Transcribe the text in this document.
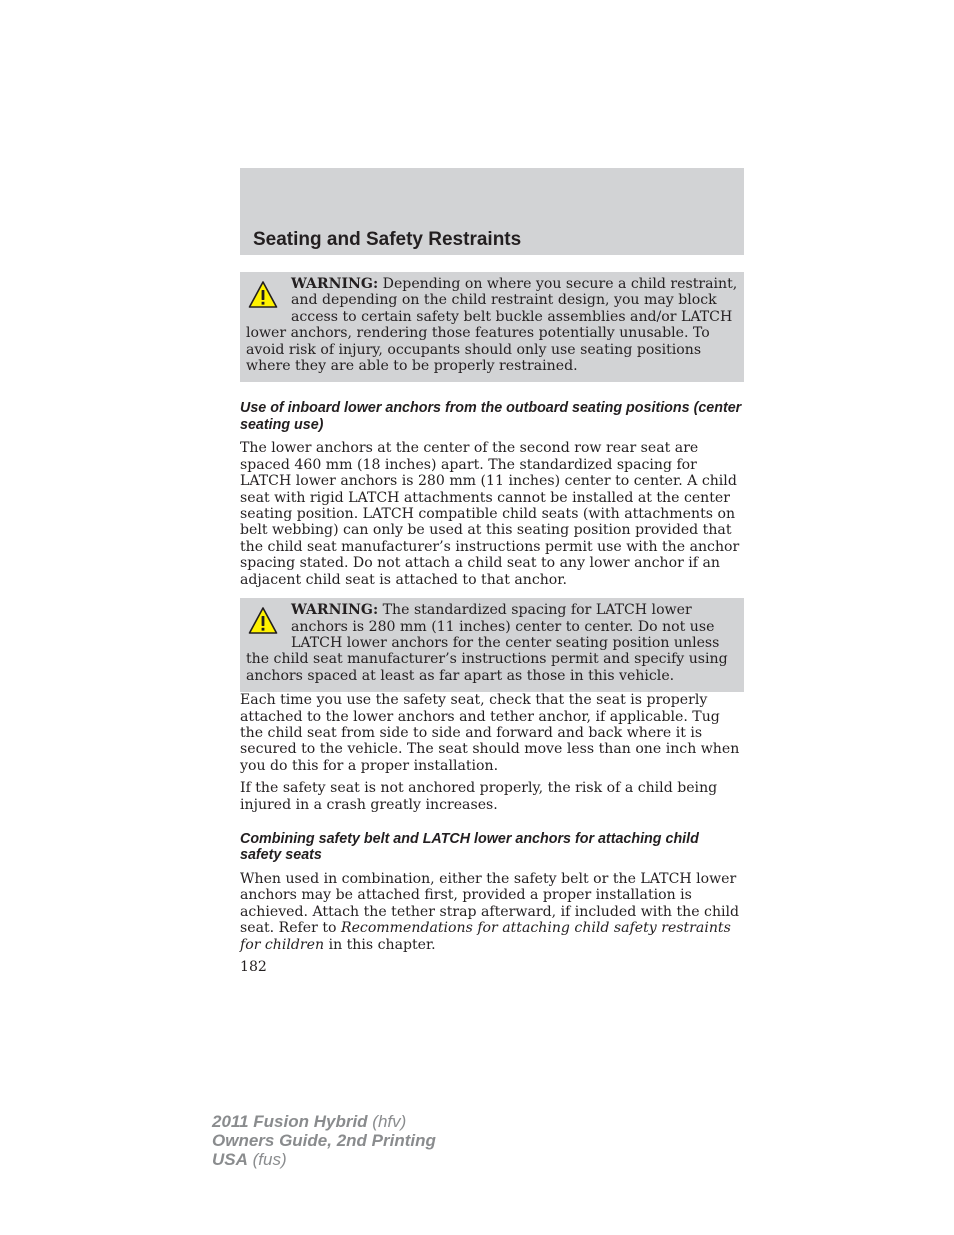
Seating and Safety Restraints
WARNING: Depending on where you secure a child restraint, and depending on the child restraint design, you may block access to certain safety belt buckle assemblies and/or LATCH lower anchors, rendering those features potentially unusable. To avoid risk of injury, occupants should only use seating positions where they are able to be properly restrained.
Use of inboard lower anchors from the outboard seating positions (center seating use)

The lower anchors at the center of the second row rear seat are spaced 460 mm (18 inches) apart. The standardized spacing for LATCH lower anchors is 280 mm (11 inches) center to center. A child seat with rigid LATCH attachments cannot be installed at the center seating position. LATCH compatible child seats (with attachments on belt webbing) can only be used at this seating position provided that the child seat manufacturer’s instructions permit use with the anchor spacing stated. Do not attach a child seat to any lower anchor if an adjacent child seat is attached to that anchor.

WARNING: The standardized spacing for LATCH lower anchors is 280 mm (11 inches) center to center. Do not use LATCH lower anchors for the center seating position unless the child seat manufacturer’s instructions permit and specify using anchors spaced at least as far apart as those in this vehicle.

Each time you use the safety seat, check that the seat is properly attached to the lower anchors and tether anchor, if applicable. Tug the child seat from side to side and forward and back where it is secured to the vehicle. The seat should move less than one inch when you do this for a proper installation.

If the safety seat is not anchored properly, the risk of a child being injured in a crash greatly increases.

Combining safety belt and LATCH lower anchors for attaching child safety seats

When used in combination, either the safety belt or the LATCH lower anchors may be attached first, provided a proper installation is achieved. Attach the tether strap afterward, if included with the child seat. Refer to Recommendations for attaching child safety restraints for children in this chapter.

182
2011 Fusion Hybrid (hfv)
Owners Guide, 2nd Printing
USA (fus)
